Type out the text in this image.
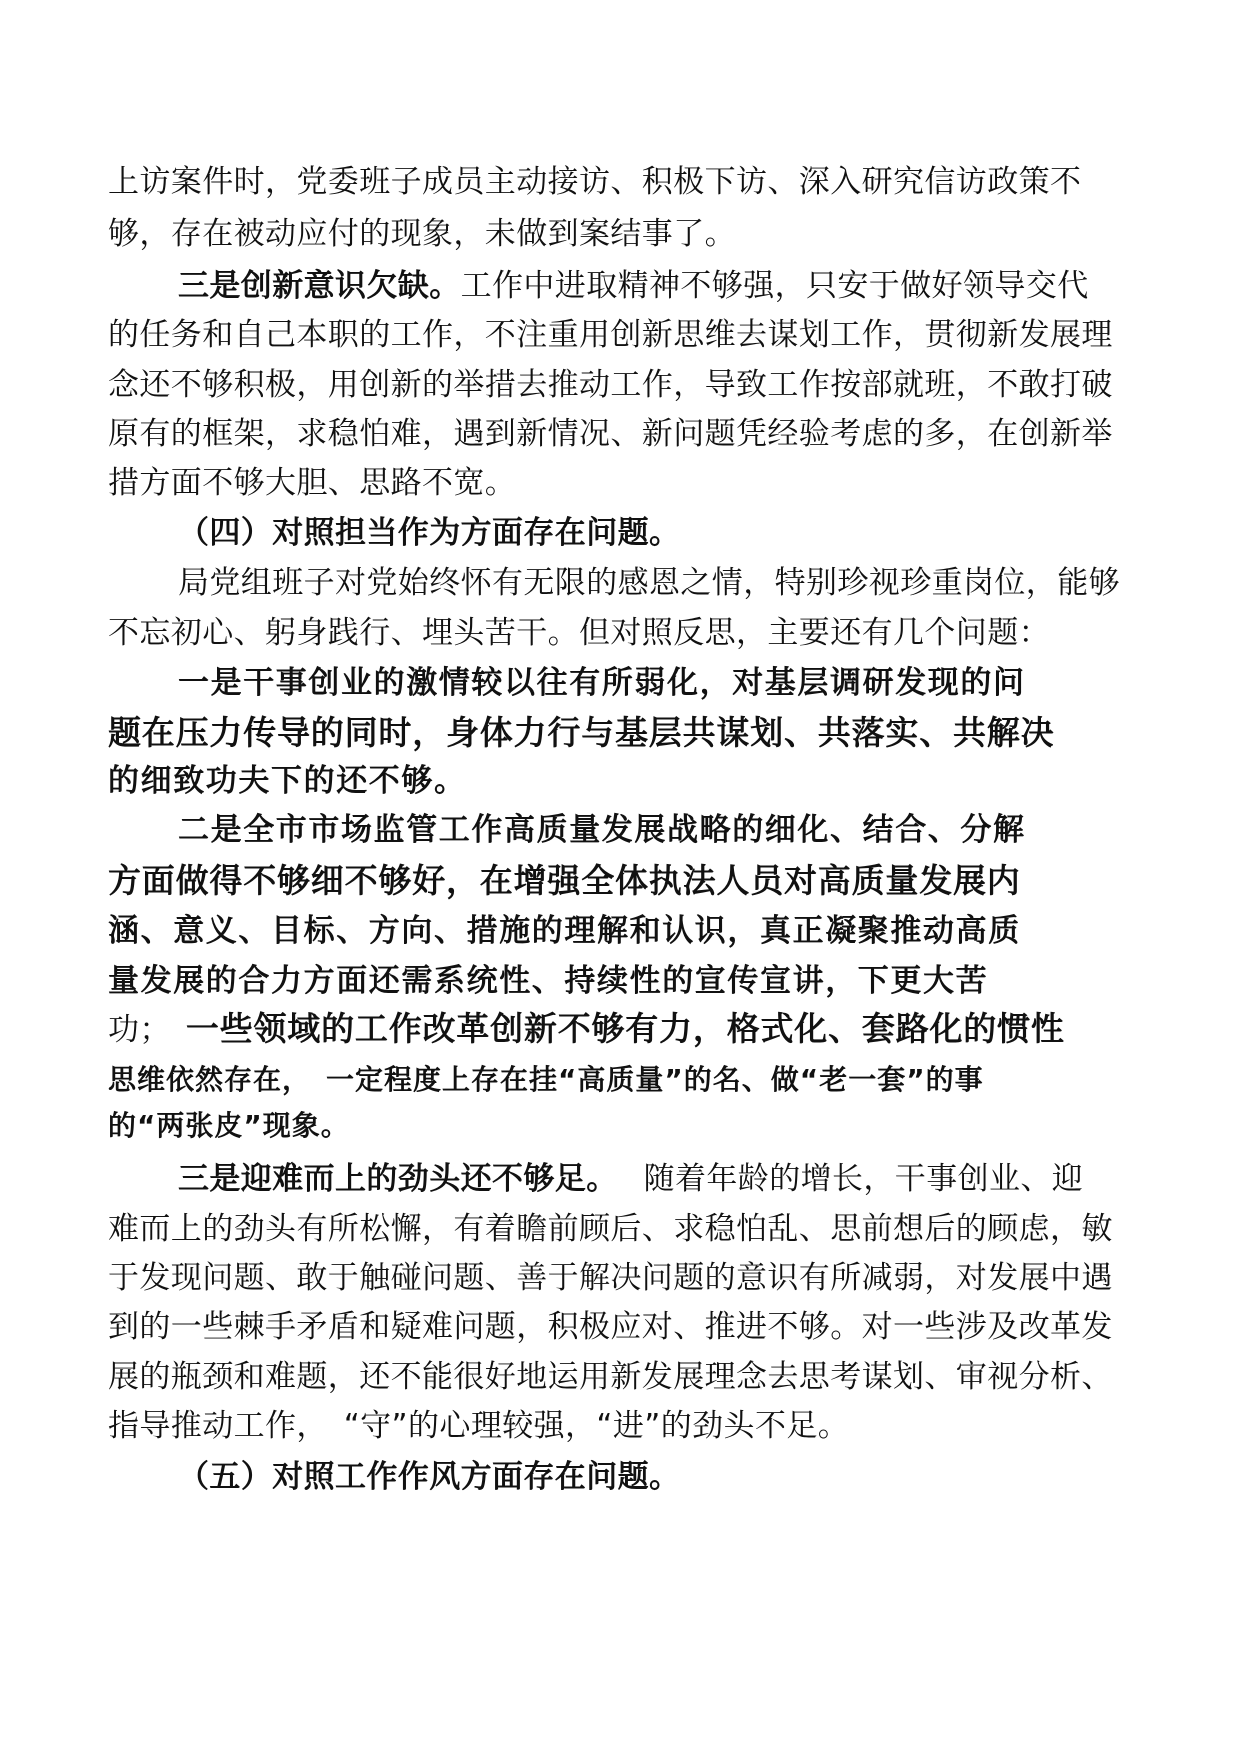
上访案件时，党委班子成员主动接访、积极下访、深入研究信访政策不
够，存在被动应付的现象，未做到案结事了。
三是创新意识欠缺。工作中进取精神不够强，只安于做好领导交代
的任务和自己本职的工作，不注重用创新思维去谋划工作，贯彻新发展理
念还不够积极，用创新的举措去推动工作，导致工作按部就班，不敢打破
原有的框架，求稳怕难，遇到新情况、新问题凭经验考虑的多，在创新举
措方面不够大胆、思路不宽。
（四）对照担当作为方面存在问题。
局党组班子对党始终怀有无限的感恩之情，特别珍视珍重岗位，能够
不忘初心、躬身践行、埋头苦干。但对照反思，主要还有几个问题：
一是干事创业的激情较以往有所弱化，对基层调研发现的问
题在压力传导的同时，身体力行与基层共谋划、共落实、共解决
的细致功夫下的还不够。
二是全市市场监管工作高质量发展战略的细化、结合、分解
方面做得不够细不够好，在增强全体执法人员对高质量发展内
涵、意义、目标、方向、措施的理解和认识，真正凝聚推动高质
量发展的合力方面还需系统性、持续性的宣传宣讲，下更大苦
功； 一些领域的工作改革创新不够有力，格式化、套路化的惯性
思维依然存在，　一定程度上存在挂“高质量”的名、做“老一套”的事
的“两张皮”现象。
三是迎难而上的劲头还不够足。 随着年龄的增长，干事创业、迎
难而上的劲头有所松懈，有着瞻前顾后、求稳怕乱、思前想后的顾虑，敏
于发现问题、敢于触碰问题、善于解决问题的意识有所减弱，对发展中遇
到的一些棘手矛盾和疑难问题，积极应对、推进不够。对一些涉及改革发
展的瓶颈和难题，还不能很好地运用新发展理念去思考谋划、审视分析、
指导推动工作，　“守”的心理较强，“进”的劲头不足。
（五）对照工作作风方面存在问题。
